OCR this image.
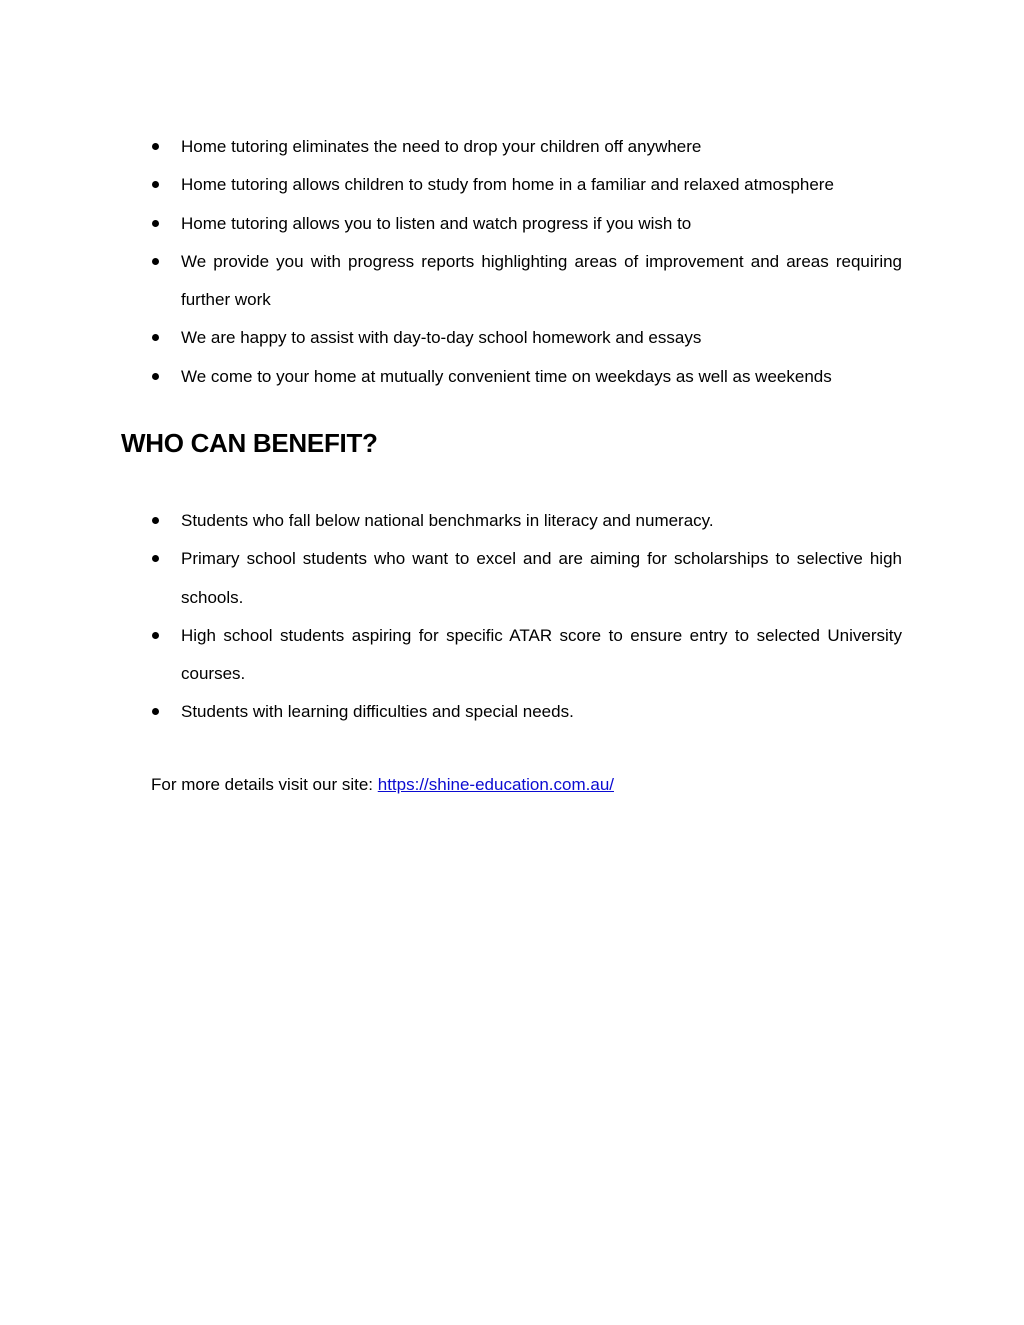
Home tutoring eliminates the need to drop your children off anywhere
Home tutoring allows children to study from home in a familiar and relaxed atmosphere
Home tutoring allows you to listen and watch progress if you wish to
We provide you with progress reports highlighting areas of improvement and areas requiring further work
We are happy to assist with day-to-day school homework and essays
We come to your home at mutually convenient time on weekdays as well as weekends
WHO CAN BENEFIT?
Students who fall below national benchmarks in literacy and numeracy.
Primary school students who want to excel and are aiming for scholarships to selective high schools.
High school students aspiring for specific ATAR score to ensure entry to selected University courses.
Students with learning difficulties and special needs.
For more details visit our site: https://shine-education.com.au/
